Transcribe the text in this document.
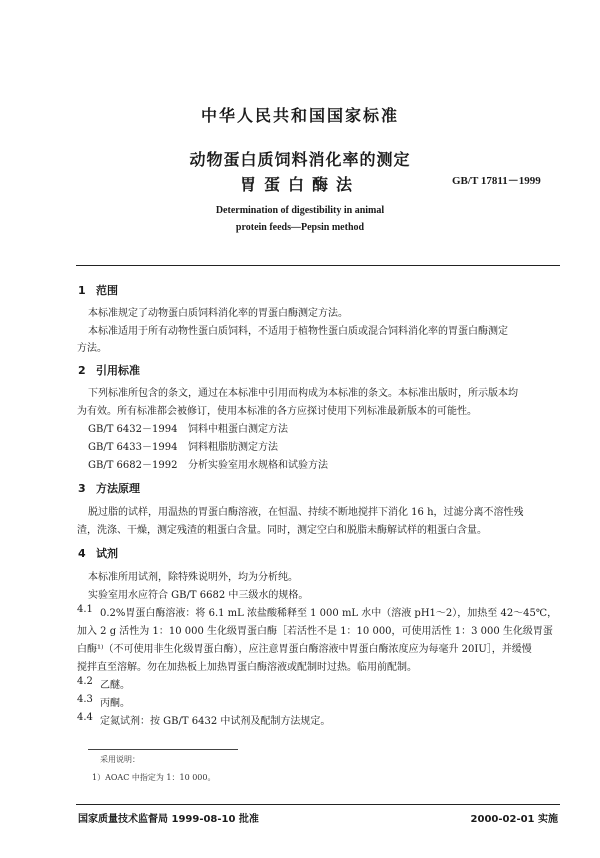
中华人民共和国国家标准
动物蛋白质饲料消化率的测定
胃蛋白酶法	GB/T 17811－1999
Determination of digestibility in animal
protein feeds—Pepsin method
1 范围
本标准规定了动物蛋白质饲料消化率的胃蛋白酶测定方法。
本标准适用于所有动物性蛋白质饲料，不适用于植物性蛋白质或混合饲料消化率的胃蛋白酶测定
方法。
2 引用标准
下列标准所包含的条文，通过在本标准中引用而构成为本标准的条文。本标准出版时，所示版本均
为有效。所有标准都会被修订，使用本标准的各方应探讨使用下列标准最新版本的可能性。
GB/T 6432－1994 饲料中粗蛋白测定方法
GB/T 6433－1994 饲料粗脂肪测定方法
GB/T 6682－1992 分析实验室用水规格和试验方法
3 方法原理
脱过脂的试样，用温热的胃蛋白酶溶液，在恒温、持续不断地搅拌下消化 16 h，过滤分离不溶性残
渣，洗涤、干燥，测定残渣的粗蛋白含量。同时，测定空白和脱脂未酶解试样的粗蛋白含量。
4 试剂
本标准所用试剂，除特殊说明外，均为分析纯。
实验室用水应符合 GB/T 6682 中三级水的规格。
4.1 0.2%胃蛋白酶溶液：将 6.1 mL 浓盐酸稀释至 1 000 mL 水中（溶液 pH1～2），加热至 42～45℃，
加入 2 g 活性为 1：10 000 生化级胃蛋白酶［若活性不是 1：10 000，可使用活性 1：3 000 生化级胃蛋
白酶¹⁾（不可使用非生化级胃蛋白酶），应注意胃蛋白酶溶液中胃蛋白酶浓度应为每毫升 20IU］，并缓慢
搅拌直至溶解。勿在加热板上加热胃蛋白酶溶液或配制时过热。临用前配制。
4.2 乙醚。
4.3 丙酮。
4.4 定氮试剂：按 GB/T 6432 中试剂及配制方法规定。
采用说明：
1）AOAC 中指定为 1：10 000。
国家质量技术监督局 1999-08-10 批准	2000-02-01 实施
